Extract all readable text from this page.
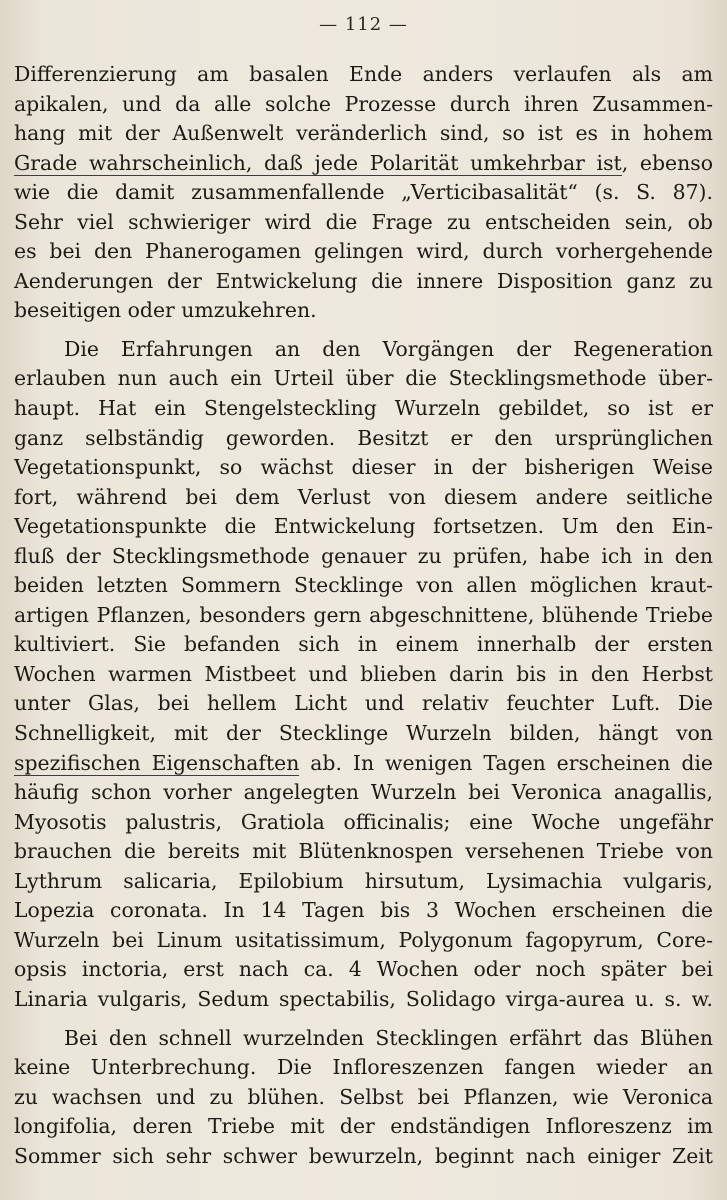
— 112 —
Differenzierung am basalen Ende anders verlaufen als am
apikalen, und da alle solche Prozesse durch ihren Zusammen-
hang mit der Außenwelt veränderlich sind, so ist es in hohem
Grade wahrscheinlich, daß jede Polarität umkehrbar ist, ebenso
wie die damit zusammenfallende „Verticibasalität“ (s. S. 87).
Sehr viel schwieriger wird die Frage zu entscheiden sein, ob
es bei den Phanerogamen gelingen wird, durch vorhergehende
Aenderungen der Entwickelung die innere Disposition ganz zu
beseitigen oder umzukehren.
Die Erfahrungen an den Vorgängen der Regeneration
erlauben nun auch ein Urteil über die Stecklingsmethode über-
haupt. Hat ein Stengelsteckling Wurzeln gebildet, so ist er
ganz selbständig geworden. Besitzt er den ursprünglichen
Vegetationspunkt, so wächst dieser in der bisherigen Weise
fort, während bei dem Verlust von diesem andere seitliche
Vegetationspunkte die Entwickelung fortsetzen. Um den Ein-
fluß der Stecklingsmethode genauer zu prüfen, habe ich in den
beiden letzten Sommern Stecklinge von allen möglichen kraut-
artigen Pflanzen, besonders gern abgeschnittene, blühende Triebe
kultiviert. Sie befanden sich in einem innerhalb der ersten
Wochen warmen Mistbeet und blieben darin bis in den Herbst
unter Glas, bei hellem Licht und relativ feuchter Luft. Die
Schnelligkeit, mit der Stecklinge Wurzeln bilden, hängt von
spezifischen Eigenschaften ab. In wenigen Tagen erscheinen die
häufig schon vorher angelegten Wurzeln bei Veronica anagallis,
Myosotis palustris, Gratiola officinalis; eine Woche ungefähr
brauchen die bereits mit Blütenknospen versehenen Triebe von
Lythrum salicaria, Epilobium hirsutum, Lysimachia vulgaris,
Lopezia coronata. In 14 Tagen bis 3 Wochen erscheinen die
Wurzeln bei Linum usitatissimum, Polygonum fagopyrum, Core-
opsis inctoria, erst nach ca. 4 Wochen oder noch später bei
Linaria vulgaris, Sedum spectabilis, Solidago virga-aurea u. s. w.
Bei den schnell wurzelnden Stecklingen erfährt das Blühen
keine Unterbrechung. Die Infloreszenzen fangen wieder an
zu wachsen und zu blühen. Selbst bei Pflanzen, wie Veronica
longifolia, deren Triebe mit der endständigen Infloreszenz im
Sommer sich sehr schwer bewurzeln, beginnt nach einiger Zeit
